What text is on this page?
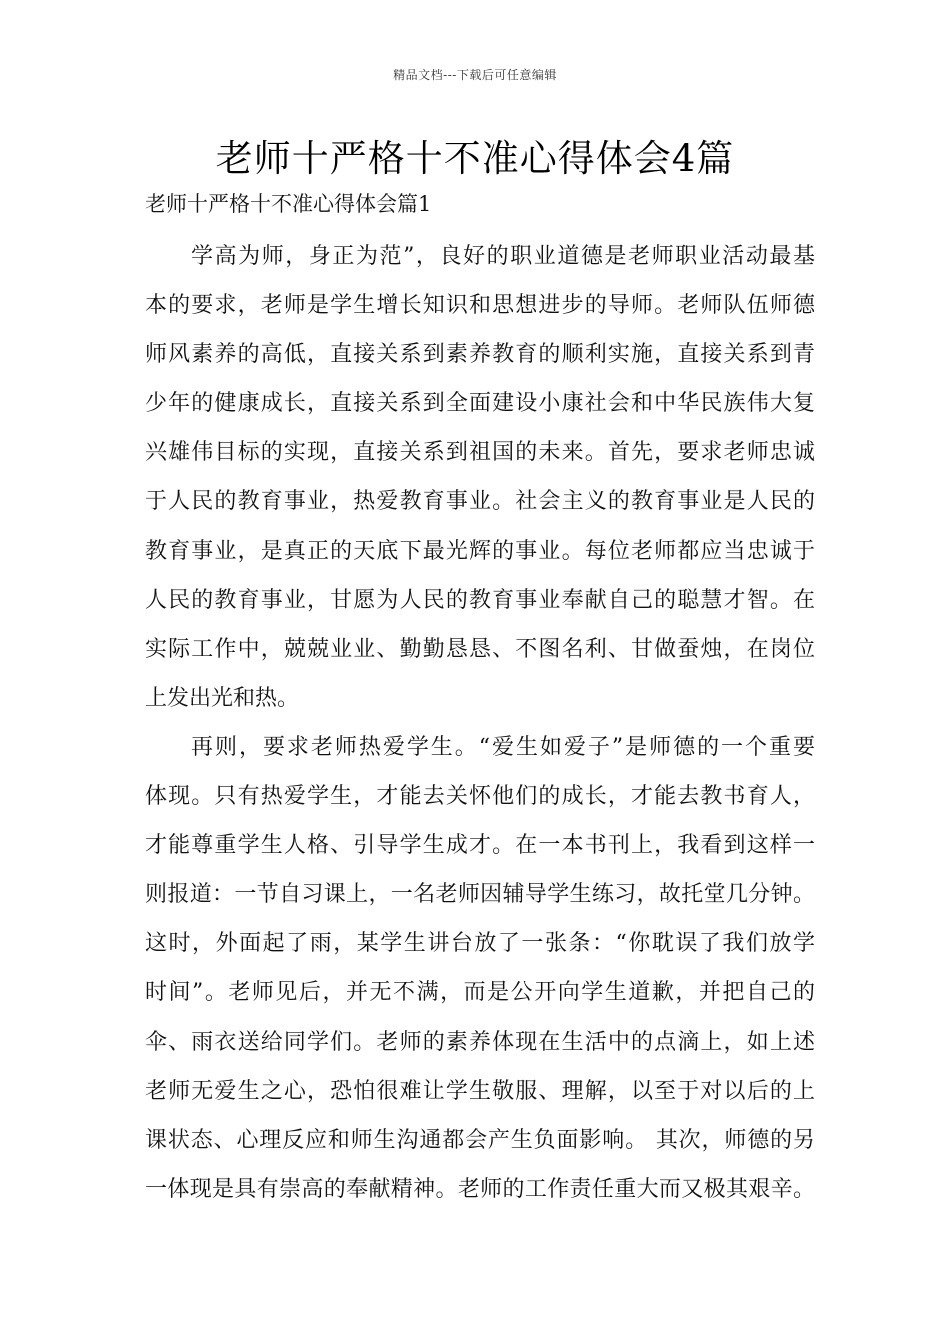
精品文档---下载后可任意编辑
老师十严格十不准心得体会4篇

老师十严格十不准心得体会篇1

学高为师，身正为范”，良好的职业道德是老师职业活动最基
本的要求，老师是学生增长知识和思想进步的导师。老师队伍师德
师风素养的高低，直接关系到素养教育的顺利实施，直接关系到青
少年的健康成长，直接关系到全面建设小康社会和中华民族伟大复
兴雄伟目标的实现，直接关系到祖国的未来。首先，要求老师忠诚
于人民的教育事业，热爱教育事业。社会主义的教育事业是人民的
教育事业，是真正的天底下最光辉的事业。每位老师都应当忠诚于
人民的教育事业，甘愿为人民的教育事业奉献自己的聪慧才智。在
实际工作中，兢兢业业、勤勤恳恳、不图名利、甘做蚕烛，在岗位
上发出光和热。
再则，要求老师热爱学生。“爱生如爱子”是师德的一个重要
体现。只有热爱学生，才能去关怀他们的成长，才能去教书育人，
才能尊重学生人格、引导学生成才。在一本书刊上，我看到这样一
则报道：一节自习课上，一名老师因辅导学生练习，故托堂几分钟。
这时，外面起了雨，某学生讲台放了一张条：“你耽误了我们放学
时间”。老师见后，并无不满，而是公开向学生道歉，并把自己的
伞、雨衣送给同学们。老师的素养体现在生活中的点滴上，如上述
老师无爱生之心，恐怕很难让学生敬服、理解，以至于对以后的上
课状态、心理反应和师生沟通都会产生负面影响。 其次，师德的另
一体现是具有崇高的奉献精神。老师的工作责任重大而又极其艰辛。
